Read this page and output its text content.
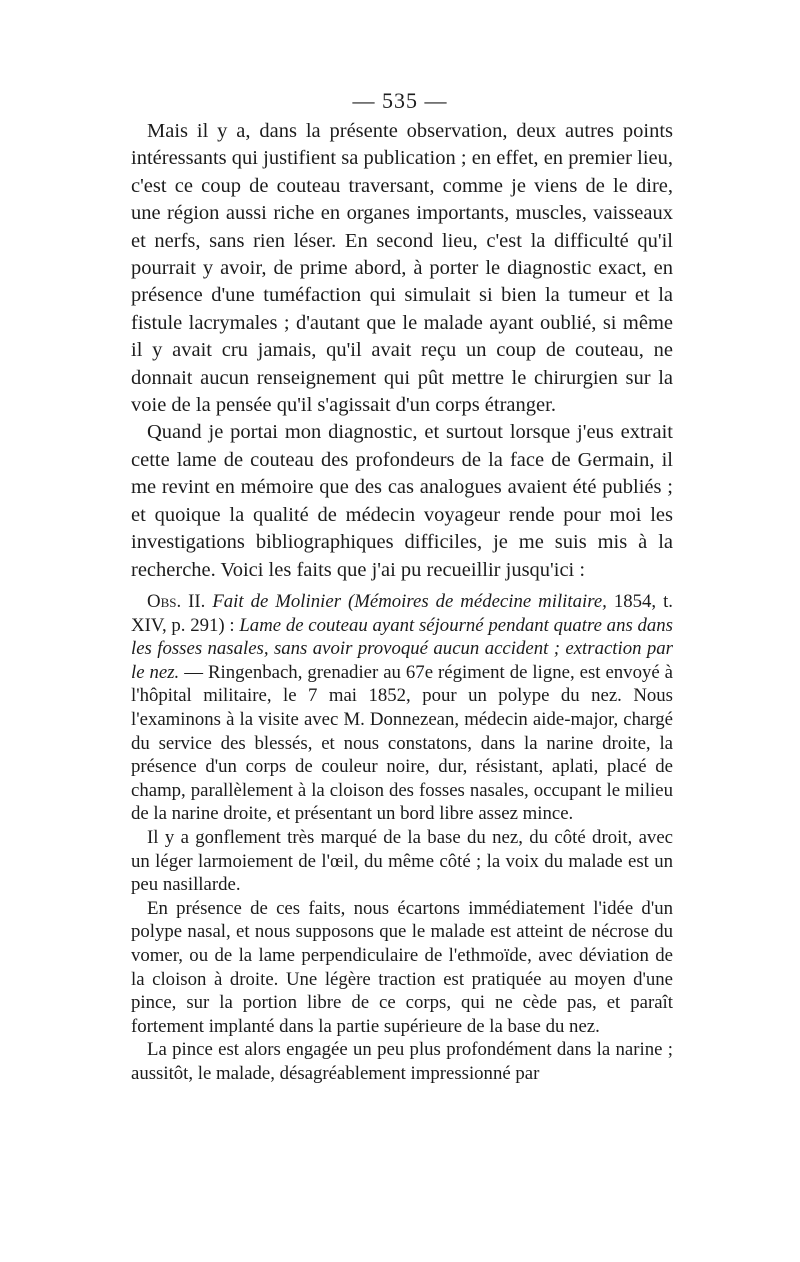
— 535 —

Mais il y a, dans la présente observation, deux autres points intéressants qui justifient sa publication ; en effet, en premier lieu, c'est ce coup de couteau traversant, comme je viens de le dire, une région aussi riche en organes importants, muscles, vaisseaux et nerfs, sans rien léser. En second lieu, c'est la difficulté qu'il pourrait y avoir, de prime abord, à porter le diagnostic exact, en présence d'une tuméfaction qui simulait si bien la tumeur et la fistule lacrymales ; d'autant que le malade ayant oublié, si même il y avait cru jamais, qu'il avait reçu un coup de couteau, ne donnait aucun renseignement qui pût mettre le chirurgien sur la voie de la pensée qu'il s'agissait d'un corps étranger.

Quand je portai mon diagnostic, et surtout lorsque j'eus extrait cette lame de couteau des profondeurs de la face de Germain, il me revint en mémoire que des cas analogues avaient été publiés ; et quoique la qualité de médecin voyageur rende pour moi les investigations bibliographiques difficiles, je me suis mis à la recherche. Voici les faits que j'ai pu recueillir jusqu'ici :

Obs. II. Fait de Molinier (Mémoires de médecine militaire, 1854, t. XIV, p. 291) : Lame de couteau ayant séjourné pendant quatre ans dans les fosses nasales, sans avoir provoqué aucun accident ; extraction par le nez. — Ringenbach, grenadier au 67e régiment de ligne, est envoyé à l'hôpital militaire, le 7 mai 1852, pour un polype du nez. Nous l'examinons à la visite avec M. Donnezean, médecin aide-major, chargé du service des blessés, et nous constatons, dans la narine droite, la présence d'un corps de couleur noire, dur, résistant, aplati, placé de champ, parallèlement à la cloison des fosses nasales, occupant le milieu de la narine droite, et présentant un bord libre assez mince.

Il y a gonflement très marqué de la base du nez, du côté droit, avec un léger larmoiement de l'œil, du même côté ; la voix du malade est un peu nasillarde.

En présence de ces faits, nous écartons immédiatement l'idée d'un polype nasal, et nous supposons que le malade est atteint de nécrose du vomer, ou de la lame perpendiculaire de l'ethmoïde, avec déviation de la cloison à droite. Une légère traction est pratiquée au moyen d'une pince, sur la portion libre de ce corps, qui ne cède pas, et paraît fortement implanté dans la partie supérieure de la base du nez.

La pince est alors engagée un peu plus profondément dans la narine ; aussitôt, le malade, désagréablement impressionné par
